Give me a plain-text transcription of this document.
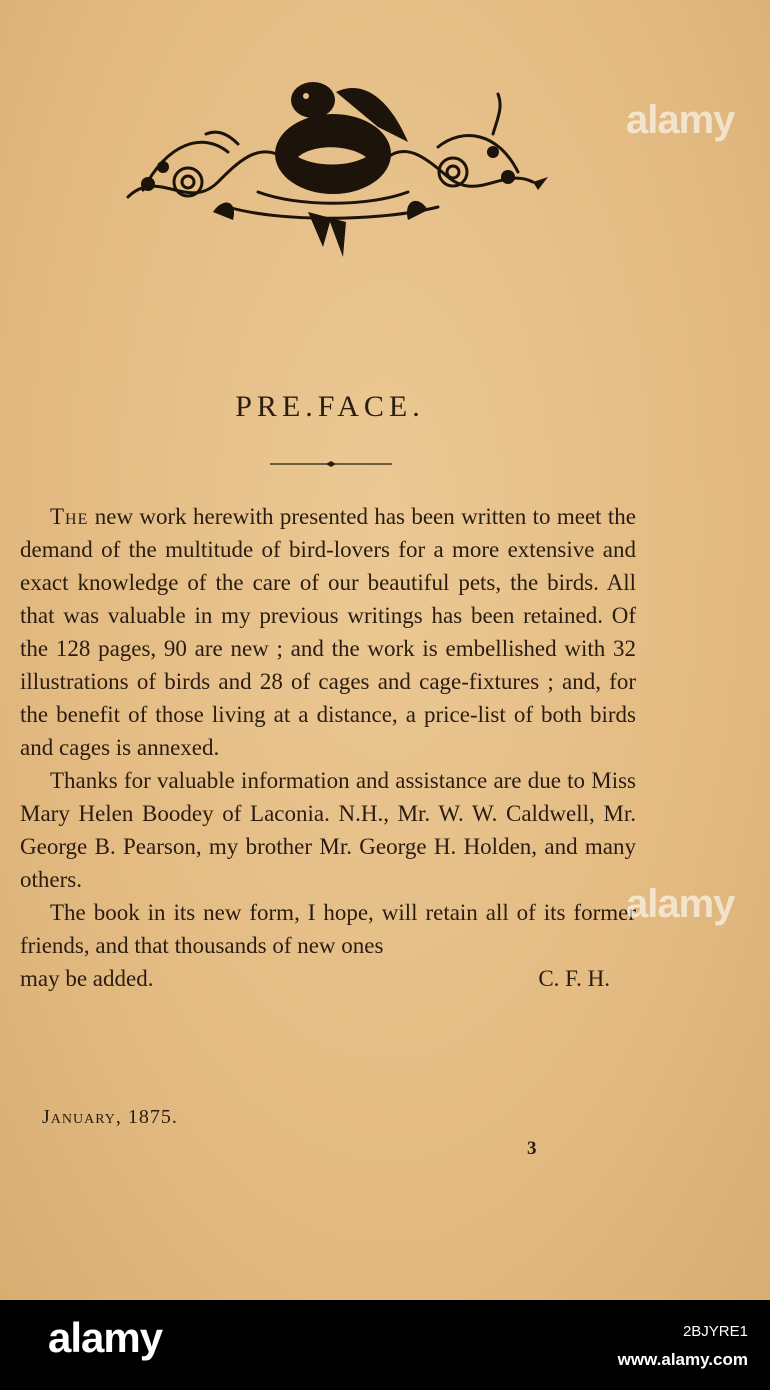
PRE.FACE.

The new work herewith presented has been written to meet the demand of the multitude of bird-lovers for a more extensive and exact knowledge of the care of our beautiful pets, the birds. All that was valuable in my previous writings has been retained. Of the 128 pages, 90 are new ; and the work is embellished with 32 illustrations of birds and 28 of cages and cage-fixtures ; and, for the benefit of those living at a distance, a price-list of both birds and cages is annexed.

Thanks for valuable information and assistance are due to Miss Mary Helen Boodey of Laconia. N.H., Mr. W. W. Caldwell, Mr. George B. Pearson, my brother Mr. George H. Holden, and many others.

The book in its new form, I hope, will retain all of its former friends, and that thousands of new ones

may be added.	C. F. H.
January, 1875.
3
alamy
alamy
alamy	2BJYRE1
www.alamy.com
